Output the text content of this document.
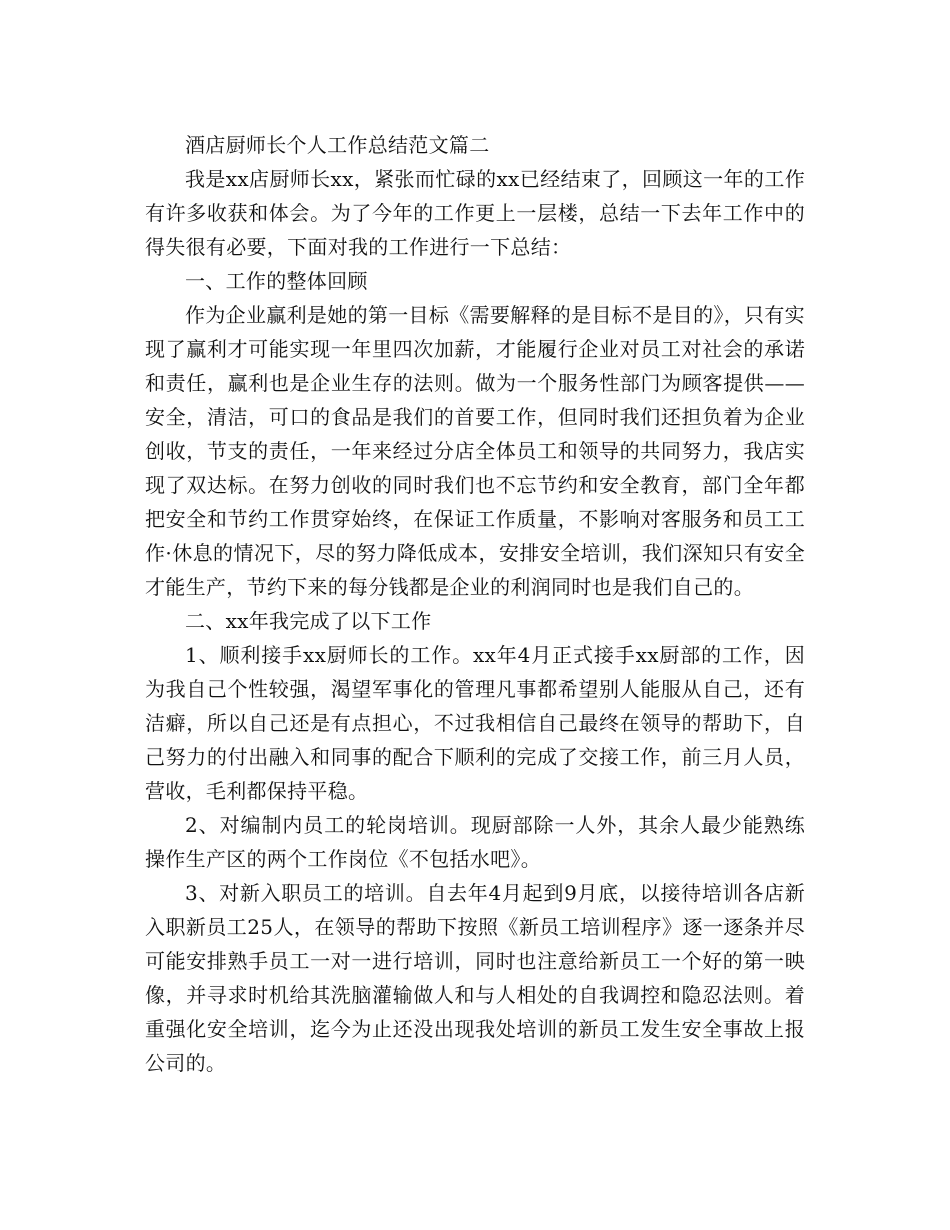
酒店厨师长个人工作总结范文篇二

我是xx店厨师长xx，紧张而忙碌的xx已经结束了，回顾这一年的工作有许多收获和体会。为了今年的工作更上一层楼，总结一下去年工作中的得失很有必要，下面对我的工作进行一下总结：

一、工作的整体回顾

作为企业赢利是她的第一目标《需要解释的是目标不是目的》，只有实现了赢利才可能实现一年里四次加薪，才能履行企业对员工对社会的承诺和责任，赢利也是企业生存的法则。做为一个服务性部门为顾客提供——安全，清洁，可口的食品是我们的首要工作，但同时我们还担负着为企业创收，节支的责任，一年来经过分店全体员工和领导的共同努力，我店实现了双达标。在努力创收的同时我们也不忘节约和安全教育，部门全年都把安全和节约工作贯穿始终，在保证工作质量，不影响对客服务和员工工作·休息的情况下，尽的努力降低成本，安排安全培训，我们深知只有安全才能生产，节约下来的每分钱都是企业的利润同时也是我们自己的。

二、xx年我完成了以下工作

1、顺利接手xx厨师长的工作。xx年4月正式接手xx厨部的工作，因为我自己个性较强，渴望军事化的管理凡事都希望别人能服从自己，还有洁癖，所以自己还是有点担心，不过我相信自己最终在领导的帮助下，自己努力的付出融入和同事的配合下顺利的完成了交接工作，前三月人员，营收，毛利都保持平稳。

2、对编制内员工的轮岗培训。现厨部除一人外，其余人最少能熟练操作生产区的两个工作岗位《不包括水吧》。

3、对新入职员工的培训。自去年4月起到9月底，以接待培训各店新入职新员工25人，在领导的帮助下按照《新员工培训程序》逐一逐条并尽可能安排熟手员工一对一进行培训，同时也注意给新员工一个好的第一映像，并寻求时机给其洗脑灌输做人和与人相处的自我调控和隐忍法则。着重强化安全培训，迄今为止还没出现我处培训的新员工发生安全事故上报公司的。
